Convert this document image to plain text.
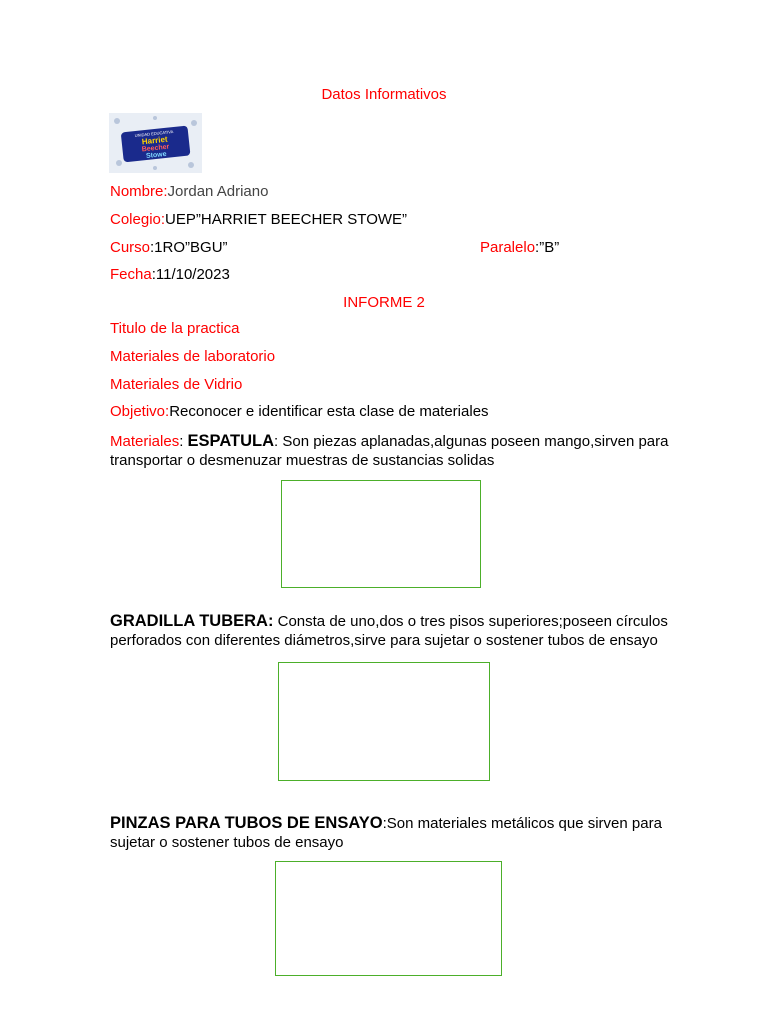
Datos Informativos
UNIDAD EDUCATIVA
Harriet
Beecher
Stowe
Nombre:Jordan Adriano
Colegio:UEP”HARRIET BEECHER STOWE”
Curso:1RO”BGU”	Paralelo:”B”
Fecha:11/10/2023
INFORME 2
Titulo de la practica
Materiales de laboratorio
Materiales de Vidrio
Objetivo:Reconocer e identificar esta clase de materiales
Materiales: ESPATULA: Son piezas aplanadas,algunas poseen mango,sirven para transportar o desmenuzar muestras de sustancias solidas
GRADILLA TUBERA: Consta de uno,dos o tres pisos superiores;poseen círculos perforados con diferentes diámetros,sirve para sujetar o sostener tubos de ensayo
PINZAS PARA TUBOS DE ENSAYO:Son materiales metálicos que sirven para sujetar o sostener tubos de ensayo
